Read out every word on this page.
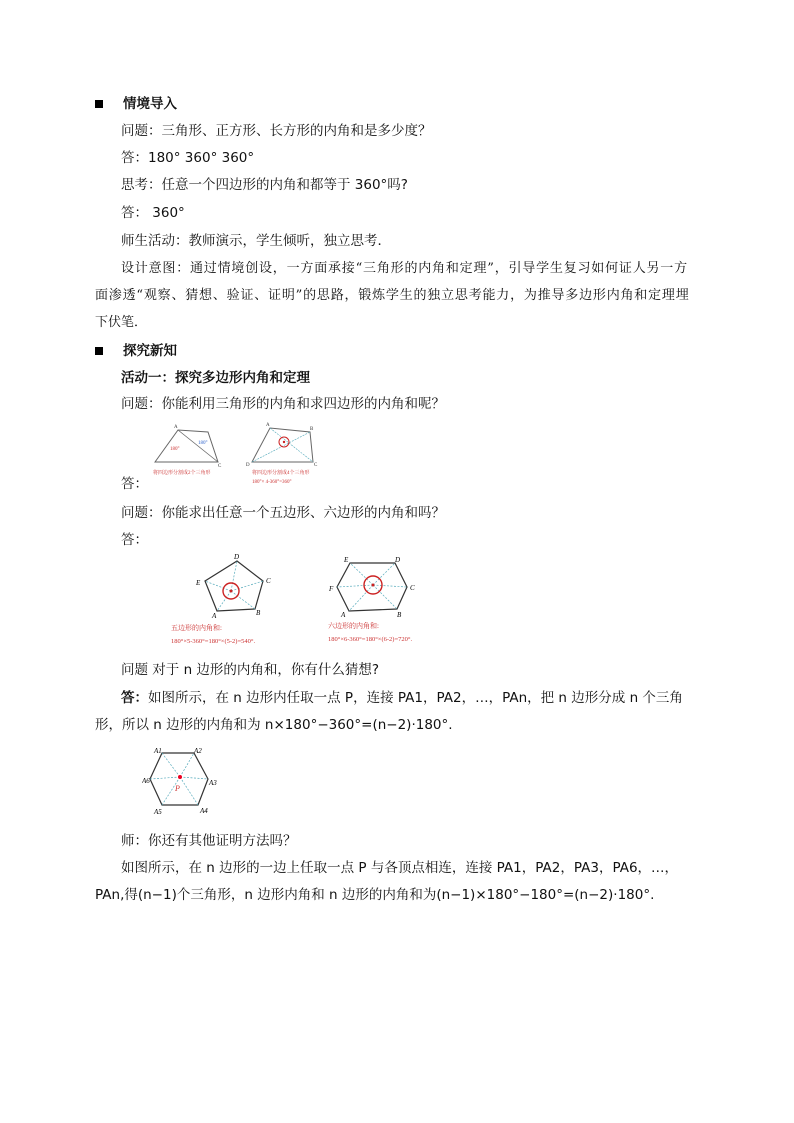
情境导入
问题：三角形、正方形、长方形的内角和是多少度？
答：180° 360° 360°
思考：任意一个四边形的内角和都等于 360°吗?
答： 360°
师生活动：教师演示，学生倾听，独立思考．
设计意图：通过情境创设，一方面承接“三角形的内角和定理”，引导学生复习如何证人另一方
面渗透“观察、猜想、验证、证明”的思路，锻炼学生的独立思考能力，为推导多边形内角和定理埋
下伏笔．
探究新知
活动一：探究多边形内角和定理
问题：你能利用三角形的内角和求四边形的内角和呢？
180°
180°
A
C
将四边形分割成2个三角形
A
B
C
D
将四边形分割成4个三角形
180°× 4-360°=360°
答：
问题：你能求出任意一个五边形、六边形的内角和吗？
答：
D
C
E
A	B
五边形的内角和:
180°×5-360°=180°×(5-2)=540°.
E	D
F	C
A	B
六边形的内角和:
180°×6-360°=180°×(6-2)=720°.
问题 对于 n 边形的内角和，你有什么猜想?
答：如图所示，在 n 边形内任取一点 P，连接 PA1，PA2，…，PAn，把 n 边形分成 n 个三角
形，所以 n 边形的内角和为 n×180°−360°=(n−2)·180°.
A1	A2
A3
A4
A5
A6
P
师：你还有其他证明方法吗？
如图所示，在 n 边形的一边上任取一点 P 与各顶点相连，连接 PA1，PA2，PA3，PA6，…，
PAn,得(n−1)个三角形，n 边形内角和 n 边形的内角和为(n−1)×180°−180°=(n−2)·180°.
